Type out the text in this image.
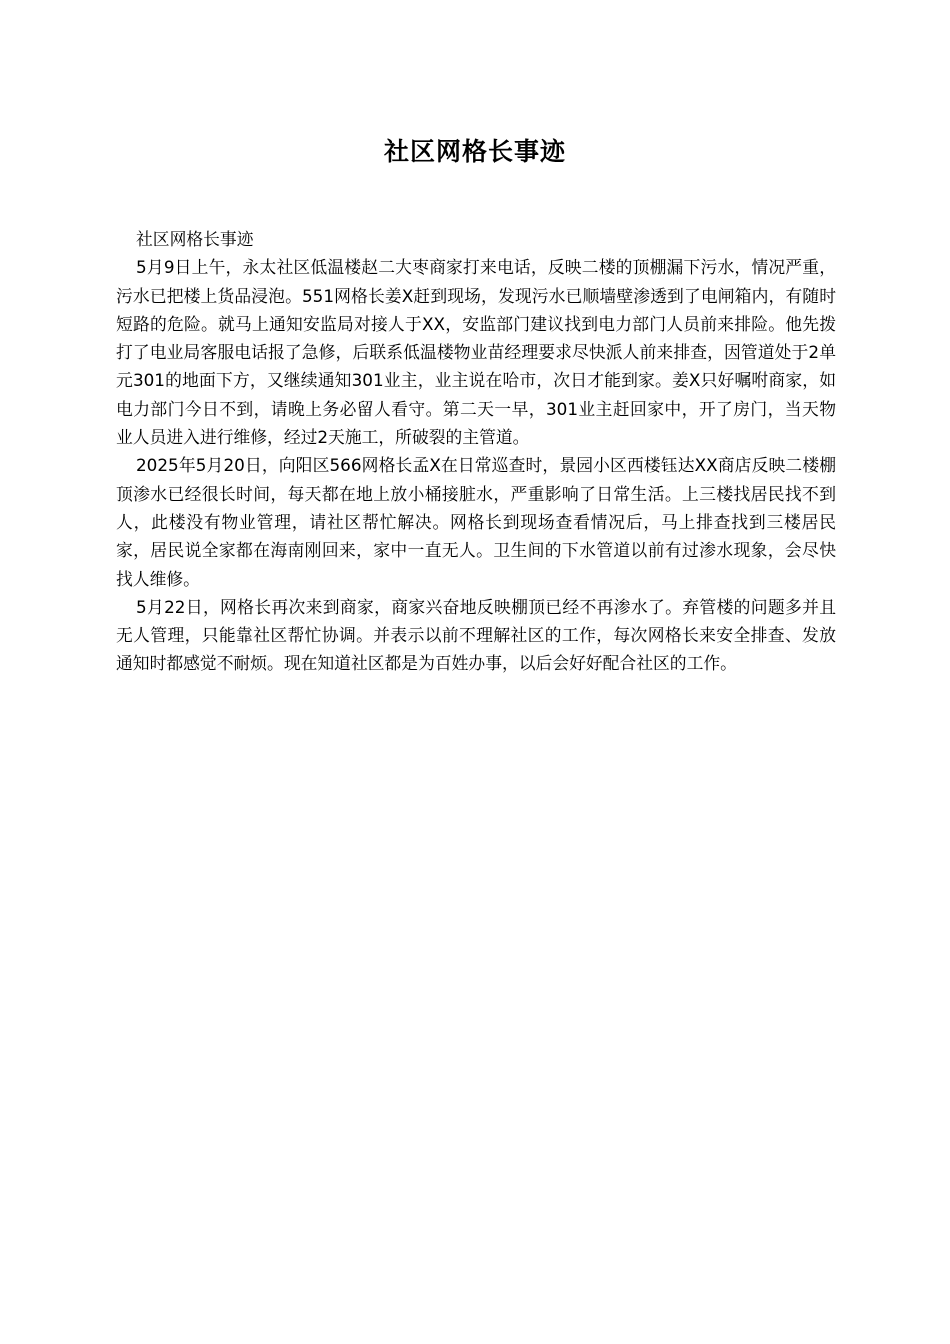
社区网格长事迹

社区网格长事迹

5月9日上午，永太社区低温楼赵二大枣商家打来电话，反映二楼的顶棚漏下污水，情况严重，污水已把楼上货品浸泡。551网格长姜X赶到现场，发现污水已顺墙壁渗透到了电闸箱内，有随时短路的危险。就马上通知安监局对接人于XX，安监部门建议找到电力部门人员前来排险。他先拨打了电业局客服电话报了急修，后联系低温楼物业苗经理要求尽快派人前来排查，因管道处于2单元301的地面下方，又继续通知301业主，业主说在哈市，次日才能到家。姜X只好嘱咐商家，如电力部门今日不到，请晚上务必留人看守。第二天一早，301业主赶回家中，开了房门，当天物业人员进入进行维修，经过2天施工，所破裂的主管道。

2025年5月20日，向阳区566网格长孟X在日常巡查时，景园小区西楼钰达XX商店反映二楼棚顶渗水已经很长时间，每天都在地上放小桶接脏水，严重影响了日常生活。上三楼找居民找不到人，此楼没有物业管理，请社区帮忙解决。网格长到现场查看情况后，马上排查找到三楼居民家，居民说全家都在海南刚回来，家中一直无人。卫生间的下水管道以前有过渗水现象，会尽快找人维修。

5月22日，网格长再次来到商家，商家兴奋地反映棚顶已经不再渗水了。弃管楼的问题多并且无人管理，只能靠社区帮忙协调。并表示以前不理解社区的工作，每次网格长来安全排查、发放通知时都感觉不耐烦。现在知道社区都是为百姓办事，以后会好好配合社区的工作。
